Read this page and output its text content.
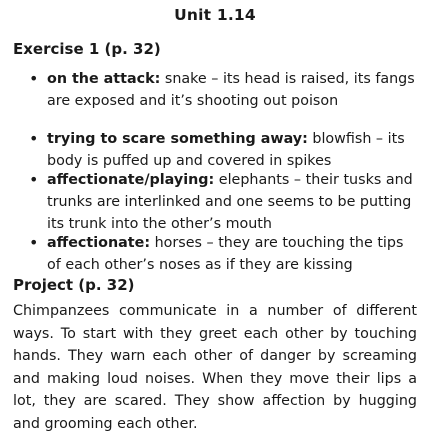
Unit 1.14
Exercise 1 (p. 32)
• on the attack: snake – its head is raised, its fangs are exposed and it’s shooting out poison
• trying to scare something away: blowfish – its body is puffed up and covered in spikes
• affectionate/playing: elephants – their tusks and trunks are interlinked and one seems to be putting its trunk into the other’s mouth
• affectionate: horses – they are touching the tips of each other’s noses as if they are kissing
Project (p. 32)

Chimpanzees communicate in a number of different ways. To start with they greet each other by touching hands. They warn each other of danger by screaming and making loud noises. When they move their lips a lot, they are scared. They show affection by hugging and grooming each other.
